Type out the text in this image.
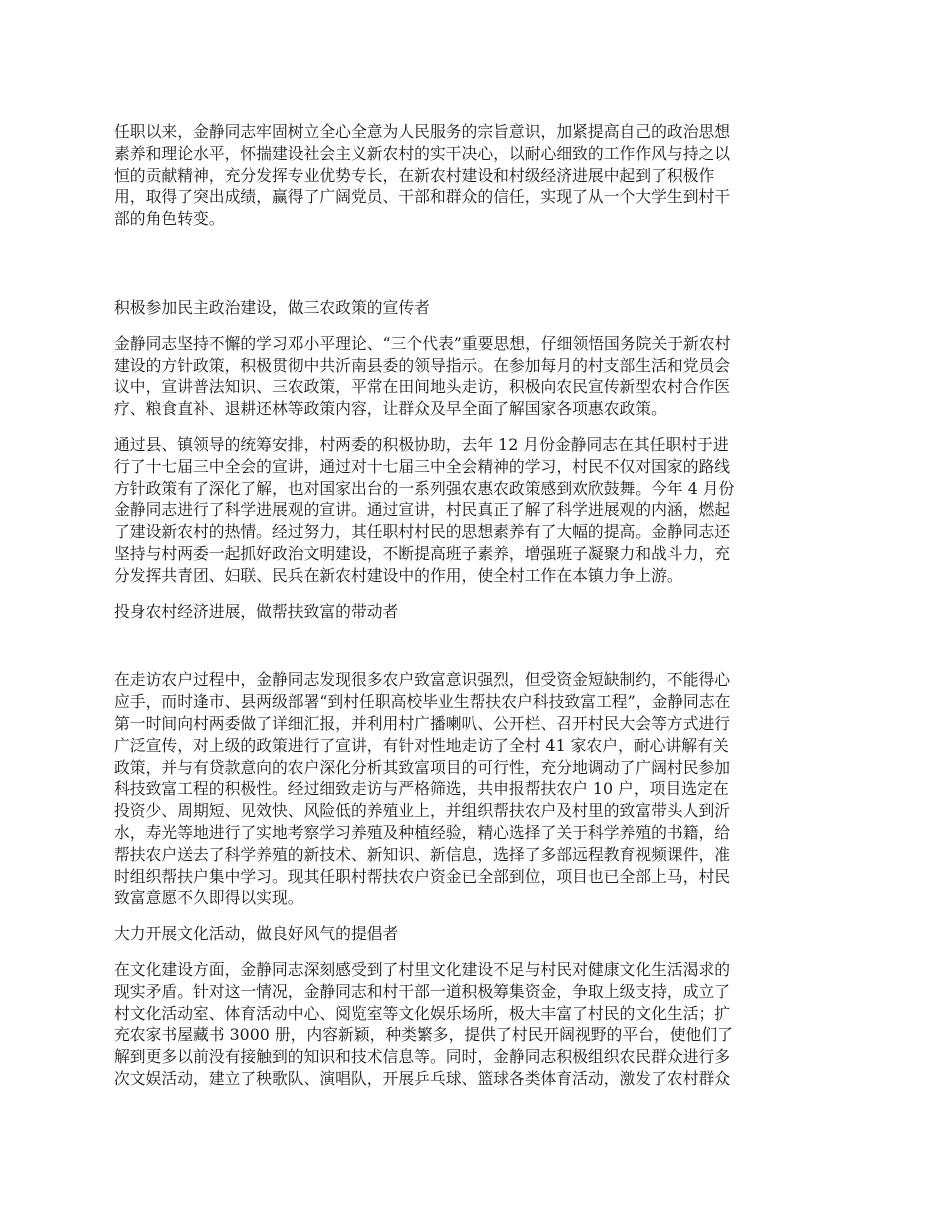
任职以来，金静同志牢固树立全心全意为人民服务的宗旨意识，加紧提高自己的政治思想
素养和理论水平，怀揣建设社会主义新农村的实干决心，以耐心细致的工作作风与持之以
恒的贡献精神，充分发挥专业优势专长，在新农村建设和村级经济进展中起到了积极作
用，取得了突出成绩，赢得了广阔党员、干部和群众的信任，实现了从一个大学生到村干
部的角色转变。

积极参加民主政治建设，做三农政策的宣传者

金静同志坚持不懈的学习邓小平理论、“三个代表”重要思想，仔细领悟国务院关于新农村
建设的方针政策，积极贯彻中共沂南县委的领导指示。在参加每月的村支部生活和党员会
议中，宣讲普法知识、三农政策，平常在田间地头走访，积极向农民宣传新型农村合作医
疗、粮食直补、退耕还林等政策内容，让群众及早全面了解国家各项惠农政策。

通过县、镇领导的统筹安排，村两委的积极协助，去年 12 月份金静同志在其任职村于进
行了十七届三中全会的宣讲，通过对十七届三中全会精神的学习，村民不仅对国家的路线
方针政策有了深化了解，也对国家出台的一系列强农惠农政策感到欢欣鼓舞。今年 4 月份
金静同志进行了科学进展观的宣讲。通过宣讲，村民真正了解了科学进展观的内涵，燃起
了建设新农村的热情。经过努力，其任职村村民的思想素养有了大幅的提高。金静同志还
坚持与村两委一起抓好政治文明建设，不断提高班子素养，增强班子凝聚力和战斗力，充
分发挥共青团、妇联、民兵在新农村建设中的作用，使全村工作在本镇力争上游。

投身农村经济进展，做帮扶致富的带动者

在走访农户过程中，金静同志发现很多农户致富意识强烈，但受资金短缺制约，不能得心
应手，而时逢市、县两级部署“到村任职高校毕业生帮扶农户科技致富工程”，金静同志在
第一时间向村两委做了详细汇报，并利用村广播喇叭、公开栏、召开村民大会等方式进行
广泛宣传，对上级的政策进行了宣讲，有针对性地走访了全村 41 家农户，耐心讲解有关
政策，并与有贷款意向的农户深化分析其致富项目的可行性，充分地调动了广阔村民参加
科技致富工程的积极性。经过细致走访与严格筛选，共申报帮扶农户 10 户，项目选定在
投资少、周期短、见效快、风险低的养殖业上，并组织帮扶农户及村里的致富带头人到沂
水，寿光等地进行了实地考察学习养殖及种植经验，精心选择了关于科学养殖的书籍，给
帮扶农户送去了科学养殖的新技术、新知识、新信息，选择了多部远程教育视频课件，准
时组织帮扶户集中学习。现其任职村帮扶农户资金已全部到位，项目也已全部上马，村民
致富意愿不久即得以实现。

大力开展文化活动，做良好风气的提倡者

在文化建设方面，金静同志深刻感受到了村里文化建设不足与村民对健康文化生活渴求的
现实矛盾。针对这一情况，金静同志和村干部一道积极筹集资金，争取上级支持，成立了
村文化活动室、体育活动中心、阅览室等文化娱乐场所，极大丰富了村民的文化生活；扩
充农家书屋藏书 3000 册，内容新颖，种类繁多，提供了村民开阔视野的平台，使他们了
解到更多以前没有接触到的知识和技术信息等。同时，金静同志积极组织农民群众进行多
次文娱活动，建立了秧歌队、演唱队，开展乒乓球、篮球各类体育活动，激发了农村群众
